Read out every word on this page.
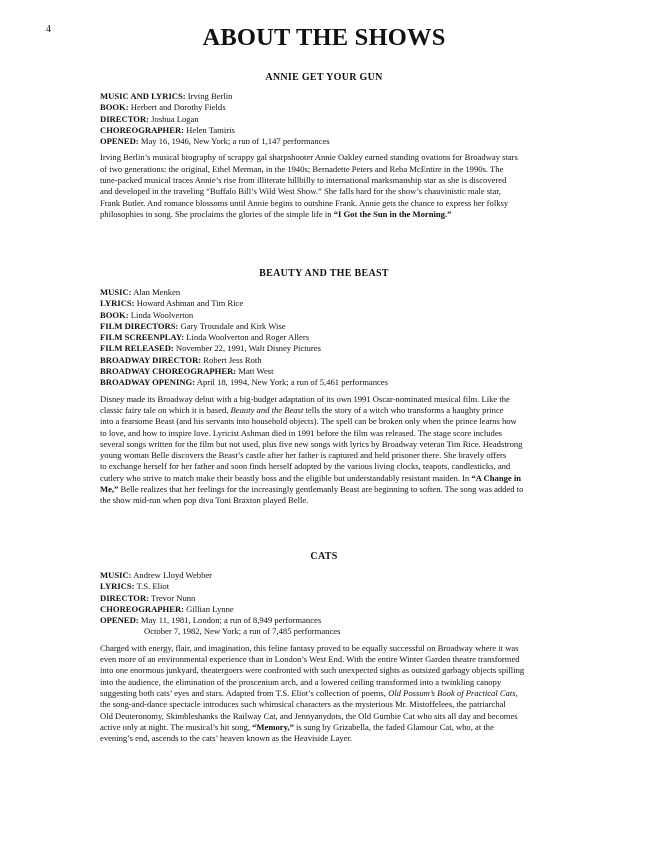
4	ABOUT THE SHOWS
ANNIE GET YOUR GUN
MUSIC AND LYRICS: Irving Berlin
BOOK: Herbert and Dorothy Fields
DIRECTOR: Joshua Logan
CHOREOGRAPHER: Helen Tamiris
OPENED: May 16, 1946, New York; a run of 1,147 performances
Irving Berlin’s musical biography of scrappy gal sharpshooter Annie Oakley earned standing ovations for Broadway stars
of two generations: the original, Ethel Merman, in the 1940s; Bernadette Peters and Reba McEntire in the 1990s. The
tune-packed musical traces Annie’s rise from illiterate hillbilly to international marksmanship star as she is discovered
and developed in the traveling “Buffalo Bill’s Wild West Show.” She falls hard for the show’s chauvinistic male star,
Frank Butler. And romance blossoms until Annie begins to outshine Frank. Annie gets the chance to express her folksy
philosophies in song. She proclaims the glories of the simple life in “I Got the Sun in the Morning.”
BEAUTY AND THE BEAST
MUSIC: Alan Menken
LYRICS: Howard Ashman and Tim Rice
BOOK: Linda Woolverton
FILM DIRECTORS: Gary Trousdale and Kirk Wise
FILM SCREENPLAY: Linda Woolverton and Roger Allers
FILM RELEASED: November 22, 1991, Walt Disney Pictures
BROADWAY DIRECTOR: Robert Jess Roth
BROADWAY CHOREOGRAPHER: Matt West
BROADWAY OPENING: April 18, 1994, New York; a run of 5,461 performances
Disney made its Broadway debut with a big-budget adaptation of its own 1991 Oscar-nominated musical film. Like the
classic fairy tale on which it is based, Beauty and the Beast tells the story of a witch who transforms a haughty prince
into a fearsome Beast (and his servants into household objects). The spell can be broken only when the prince learns how
to love, and how to inspire love. Lyricist Ashman died in 1991 before the film was released. The stage score includes
several songs written for the film but not used, plus five new songs with lyrics by Broadway veteran Tim Rice. Headstrong
young woman Belle discovers the Beast’s castle after her father is captured and held prisoner there. She bravely offers
to exchange herself for her father and soon finds herself adopted by the various living clocks, teapots, candlesticks, and
cutlery who strive to match make their beastly boss and the eligible but understandably resistant maiden. In “A Change in
Me,” Belle realizes that her feelings for the increasingly gentlemanly Beast are beginning to soften. The song was added to
the show mid-run when pop diva Toni Braxton played Belle.
CATS
MUSIC: Andrew Lloyd Webber
LYRICS: T.S. Eliot
DIRECTOR: Trevor Nunn
CHOREOGRAPHER: Gillian Lynne
OPENED: May 11, 1981, London; a run of 8,949 performances
October 7, 1982, New York; a run of 7,485 performances
Charged with energy, flair, and imagination, this feline fantasy proved to be equally successful on Broadway where it was
even more of an environmental experience than in London’s West End. With the entire Winter Garden theatre transformed
into one enormous junkyard, theatergoers were confronted with such unexpected sights as outsized garbagy objects spilling
into the audience, the elimination of the proscenium arch, and a lowered ceiling transformed into a twinkling canopy
suggesting both cats’ eyes and stars. Adapted from T.S. Eliot’s collection of poems, Old Possum’s Book of Practical Cats,
the song-and-dance spectacle introduces such whimsical characters as the mysterious Mr. Mistoffelees, the patriarchal
Old Deuteronomy, Skimbleshanks the Railway Cat, and Jennyanydots, the Old Gumbie Cat who sits all day and becomes
active only at night. The musical’s hit song, “Memory,” is sung by Grizabella, the faded Glamour Cat, who, at the
evening’s end, ascends to the cats’ heaven known as the Heaviside Layer.
